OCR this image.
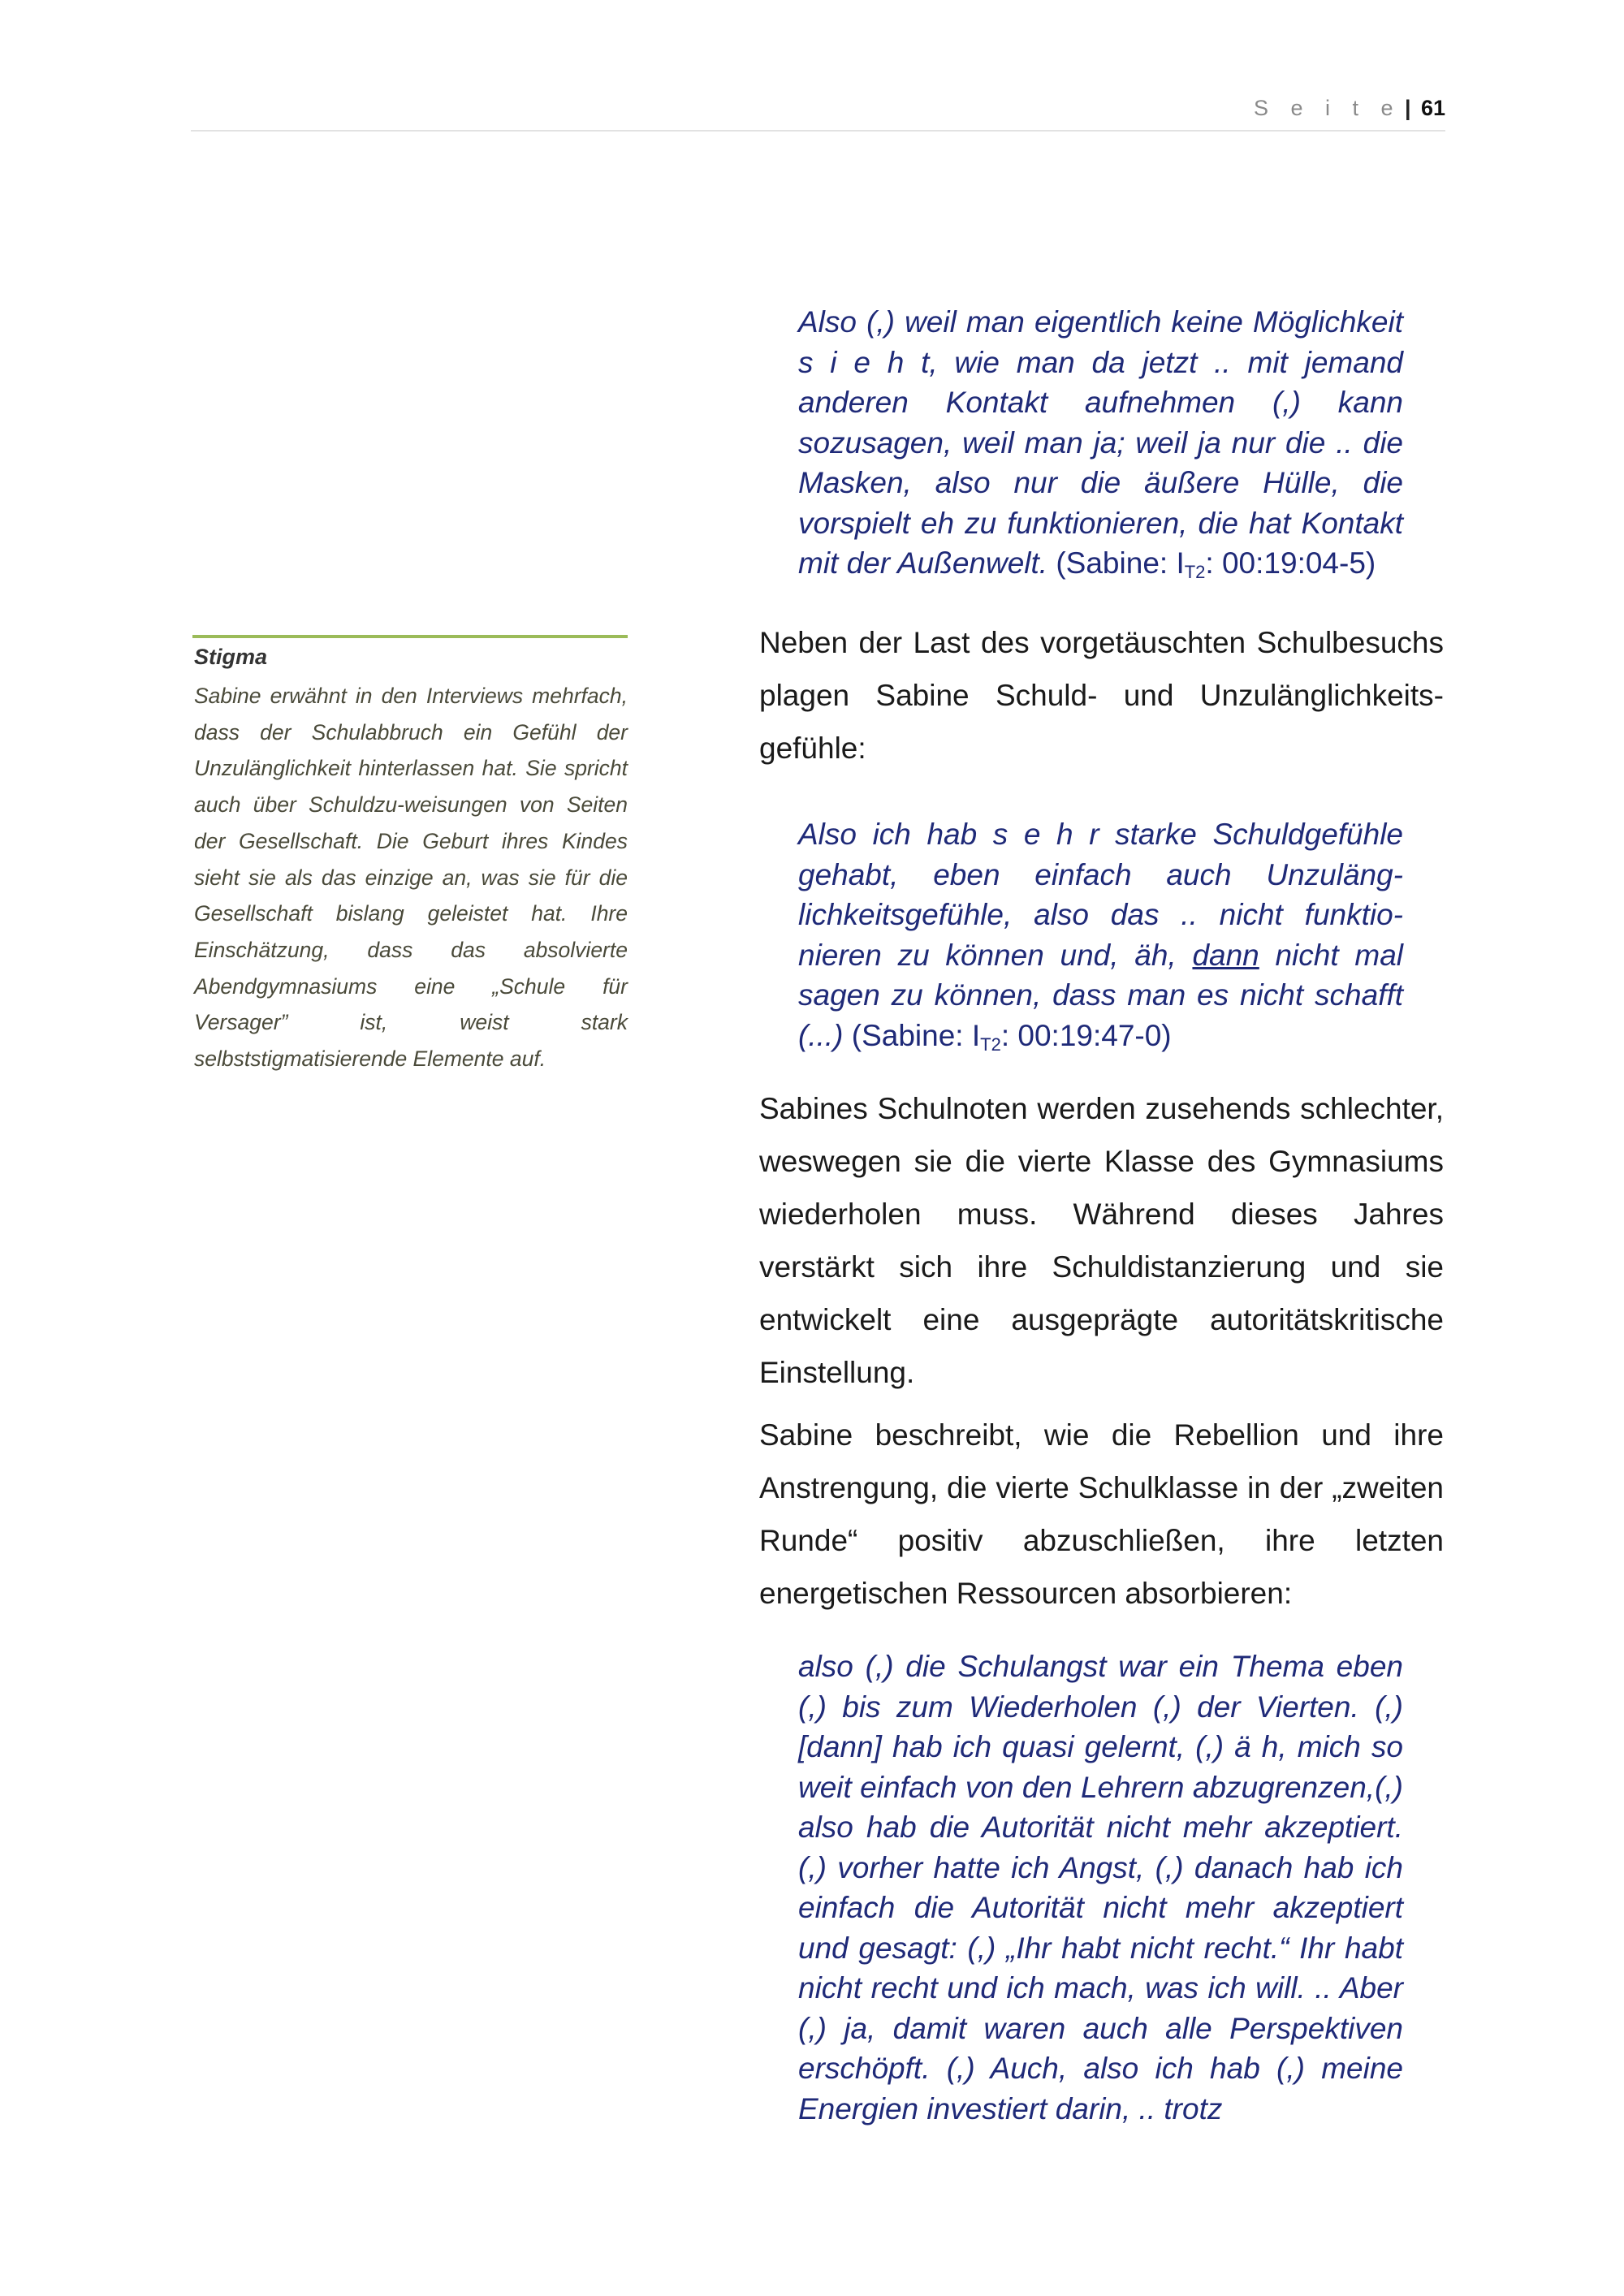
S e i t e | 61
Also (,) weil man eigentlich keine Möglichkeit s i e h t, wie man da jetzt .. mit jemand anderen Kontakt aufnehmen (,) kann sozusagen, weil man ja; weil ja nur die .. die Masken, also nur die äußere Hülle, die vorspielt eh zu funktionieren, die hat Kontakt mit der Außenwelt. (Sabine: $I_{T2}$: 00:19:04-5)
Neben der Last des vorgetäuschten Schulbesuchs plagen Sabine Schuld- und Unzulänglichkeits-gefühle:
Also ich hab s e h r starke Schuldgefühle gehabt, eben einfach auch Unzuläng-lichkeitsgefühle, also das .. nicht funktio-nieren zu können und, äh, dann nicht mal sagen zu können, dass man es nicht schafft (...) (Sabine: $I_{T2}$: 00:19:47-0)
Sabines Schulnoten werden zusehends schlechter, weswegen sie die vierte Klasse des Gymnasiums wiederholen muss. Während dieses Jahres verstärkt sich ihre Schuldistanzierung und sie entwickelt eine ausgeprägte autoritätskritische Einstellung.
Sabine beschreibt, wie die Rebellion und ihre Anstrengung, die vierte Schulklasse in der „zweiten Runde“ positiv abzuschließen, ihre letzten energetischen Ressourcen absorbieren:
also (,) die Schulangst war ein Thema eben (,) bis zum Wiederholen (,) der Vierten. (,) [dann] hab ich quasi gelernt, (,) ä h, mich so weit einfach von den Lehrern abzugrenzen,(,) also hab die Autorität nicht mehr akzeptiert. (,) vorher hatte ich Angst, (,) danach hab ich einfach die Autorität nicht mehr akzeptiert und gesagt: (,) „Ihr habt nicht recht.“ Ihr habt nicht recht und ich mach, was ich will. .. Aber (,) ja, damit waren auch alle Perspektiven erschöpft. (,) Auch, also ich hab (,) meine Energien investiert darin, .. trotz
Stigma
Sabine erwähnt in den Interviews mehrfach, dass der Schulabbruch ein Gefühl der Unzulänglichkeit hinterlassen hat. Sie spricht auch über Schuldzu-weisungen von Seiten der Gesellschaft. Die Geburt ihres Kindes sieht sie als das einzige an, was sie für die Gesellschaft bislang geleistet hat. Ihre Einschätzung, dass das absolvierte Abendgymnasiums eine „Schule für Versager” ist, weist stark selbststigmatisierende Elemente auf.
